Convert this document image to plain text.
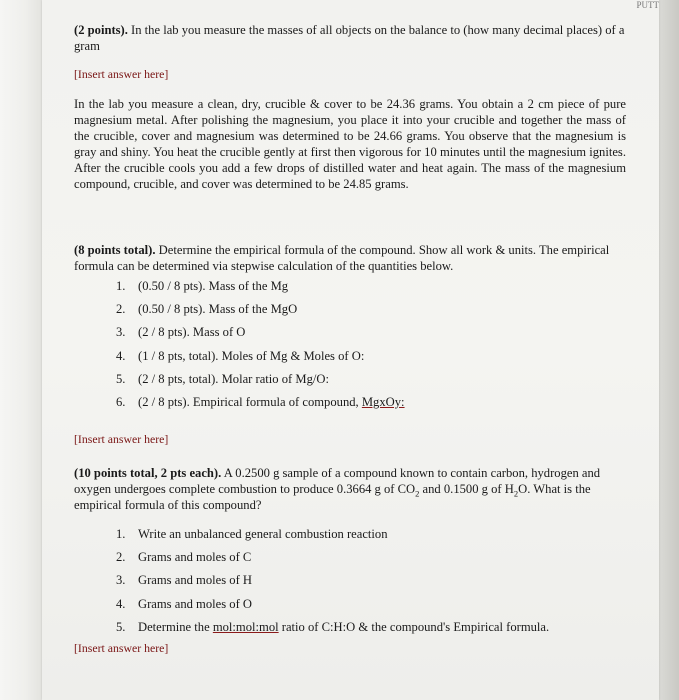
PUTT
(2 points). In the lab you measure the masses of all objects on the balance to (how many decimal places) of a gram
[Insert answer here]

In the lab you measure a clean, dry, crucible & cover to be 24.36 grams. You obtain a 2 cm piece of pure magnesium metal. After polishing the magnesium, you place it into your crucible and together the mass of the crucible, cover and magnesium was determined to be 24.66 grams. You observe that the magnesium is gray and shiny. You heat the crucible gently at first then vigorous for 10 minutes until the magnesium ignites. After the crucible cools you add a few drops of distilled water and heat again. The mass of the magnesium compound, crucible, and cover was determined to be 24.85 grams.

(8 points total). Determine the empirical formula of the compound. Show all work & units. The empirical formula can be determined via stepwise calculation of the quantities below.
1. (0.50 / 8 pts). Mass of the Mg
2. (0.50 / 8 pts). Mass of the MgO
3. (2 / 8 pts). Mass of O
4. (1 / 8 pts, total). Moles of Mg & Moles of O:
5. (2 / 8 pts, total). Molar ratio of Mg/O:
6. (2 / 8 pts). Empirical formula of compound,
MgxOy:
[Insert answer here]
(10 points total, 2 pts each). A 0.2500 g sample of a compound known to contain carbon, hydrogen and oxygen undergoes complete combustion to produce 0.3664 g of $CO_2$ and 0.1500 g of $H_2O$. What is the empirical formula of this compound?
1. Write an unbalanced general combustion reaction
2. Grams and moles of C
3. Grams and moles of H
4. Grams and moles of O
5. Determine the mol:mol:mol ratio of C:H:O & the compound's Empirical formula.
[Insert answer here]
